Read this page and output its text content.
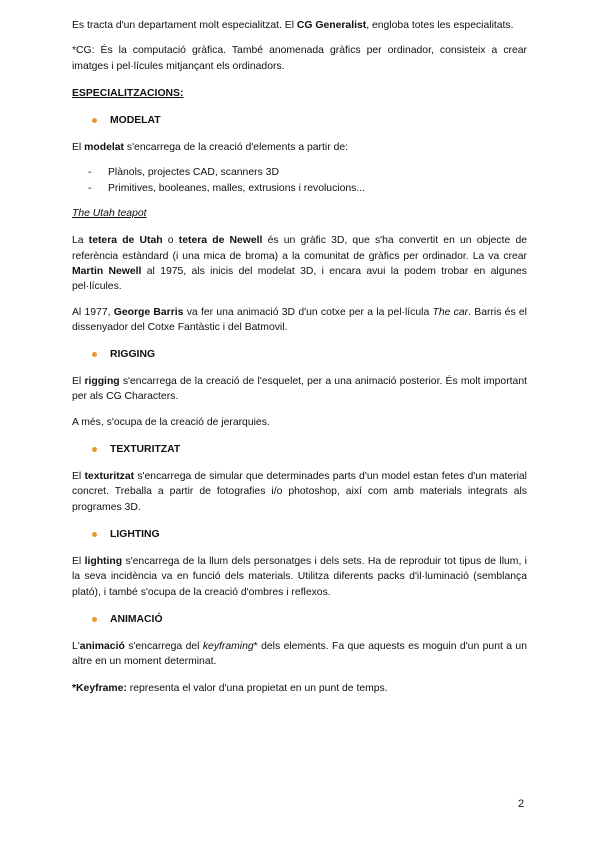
Es tracta d'un departament molt especialitzat. El CG Generalist, engloba totes les especialitats.

*CG: És la computació gràfica. També anomenada gràfics per ordinador, consisteix a crear imatges i pel·lícules mitjançant els ordinadors.

ESPECIALITZACIONS:

MODELAT

El modelat s'encarrega de la creació d'elements a partir de:

-	Plànols, projectes CAD, scanners 3D
-	Primitives, booleanes, malles, extrusions i revolucions...

The Utah teapot

La tetera de Utah o tetera de Newell és un gràfic 3D, que s'ha convertit en un objecte de referència estàndard (i una mica de broma) a la comunitat de gràfics per ordinador. La va crear Martin Newell al 1975, als inicis del modelat 3D, i encara avui la podem trobar en algunes pel·lícules.

Al 1977, George Barris va fer una animació 3D d'un cotxe per a la pel·lícula The car. Barris és el dissenyador del Cotxe Fantàstic i del Batmovil.

RIGGING

El rigging s'encarrega de la creació de l'esquelet, per a una animació posterior. És molt important per als CG Characters.

A més, s'ocupa de la creació de jerarquies.

TEXTURITZAT

El texturitzat s'encarrega de simular que determinades parts d'un model estan fetes d'un material concret. Treballa a partir de fotografies i/o photoshop, així com amb materials integrats als programes 3D.

LIGHTING

El lighting s'encarrega de la llum dels personatges i dels sets. Ha de reproduir tot tipus de llum, i la seva incidència va en funció dels materials. Utilitza diferents packs d'il·luminació (semblança plató), i també s'ocupa de la creació d'ombres i reflexos.

ANIMACIÓ

L'animació s'encarrega del keyframing* dels elements. Fa que aquests es moguin d'un punt a un altre en un moment determinat.

*Keyframe: representa el valor d'una propietat en un punt de temps.

2
